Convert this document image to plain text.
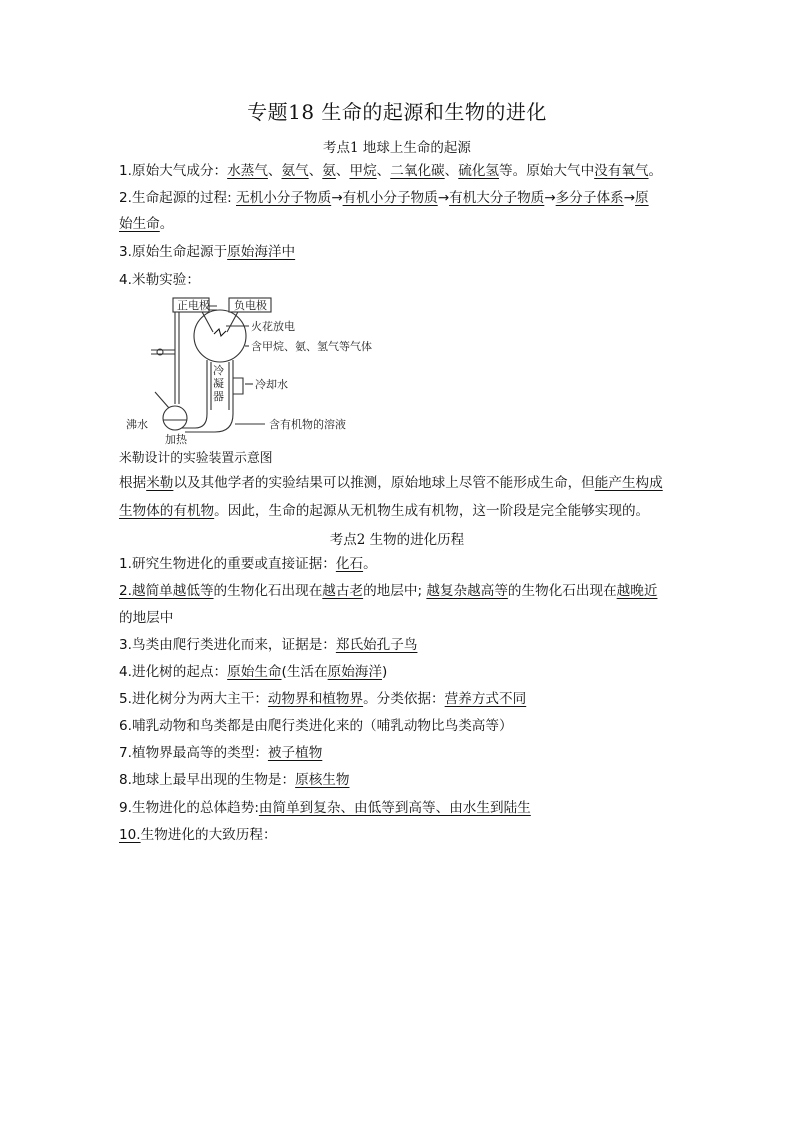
专题18 生命的起源和生物的进化
考点1 地球上生命的起源
1.原始大气成分：水蒸气、氨气、氨、甲烷、二氧化碳、硫化氢等。原始大气中没有氧气。
2.生命起源的过程: 无机小分子物质→有机小分子物质→有机大分子物质→多分子体系→原
始生命。
3.原始生命起源于原始海洋中
4.米勒实验：
正电极 负电极
火花放电
含甲烷、氨、氢气等气体
冷
凝
器
冷却水
沸水
加热
含有机物的溶液
米勒设计的实验装置示意图
根据米勒以及其他学者的实验结果可以推测，原始地球上尽管不能形成生命，但能产生构成
生物体的有机物。因此，生命的起源从无机物生成有机物，这一阶段是完全能够实现的。
考点2 生物的进化历程
1.研究生物进化的重要或直接证据：化石。
2.越简单越低等的生物化石出现在越古老的地层中; 越复杂越高等的生物化石出现在越晚近
的地层中
3.鸟类由爬行类进化而来，证据是：郑氏始孔子鸟
4.进化树的起点：原始生命(生活在原始海洋)
5.进化树分为两大主干：动物界和植物界。分类依据：营养方式不同
6.哺乳动物和鸟类都是由爬行类进化来的（哺乳动物比鸟类高等）
7.植物界最高等的类型：被子植物
8.地球上最早出现的生物是：原核生物
9.生物进化的总体趋势:由简单到复杂、由低等到高等、由水生到陆生
10.生物进化的大致历程：
